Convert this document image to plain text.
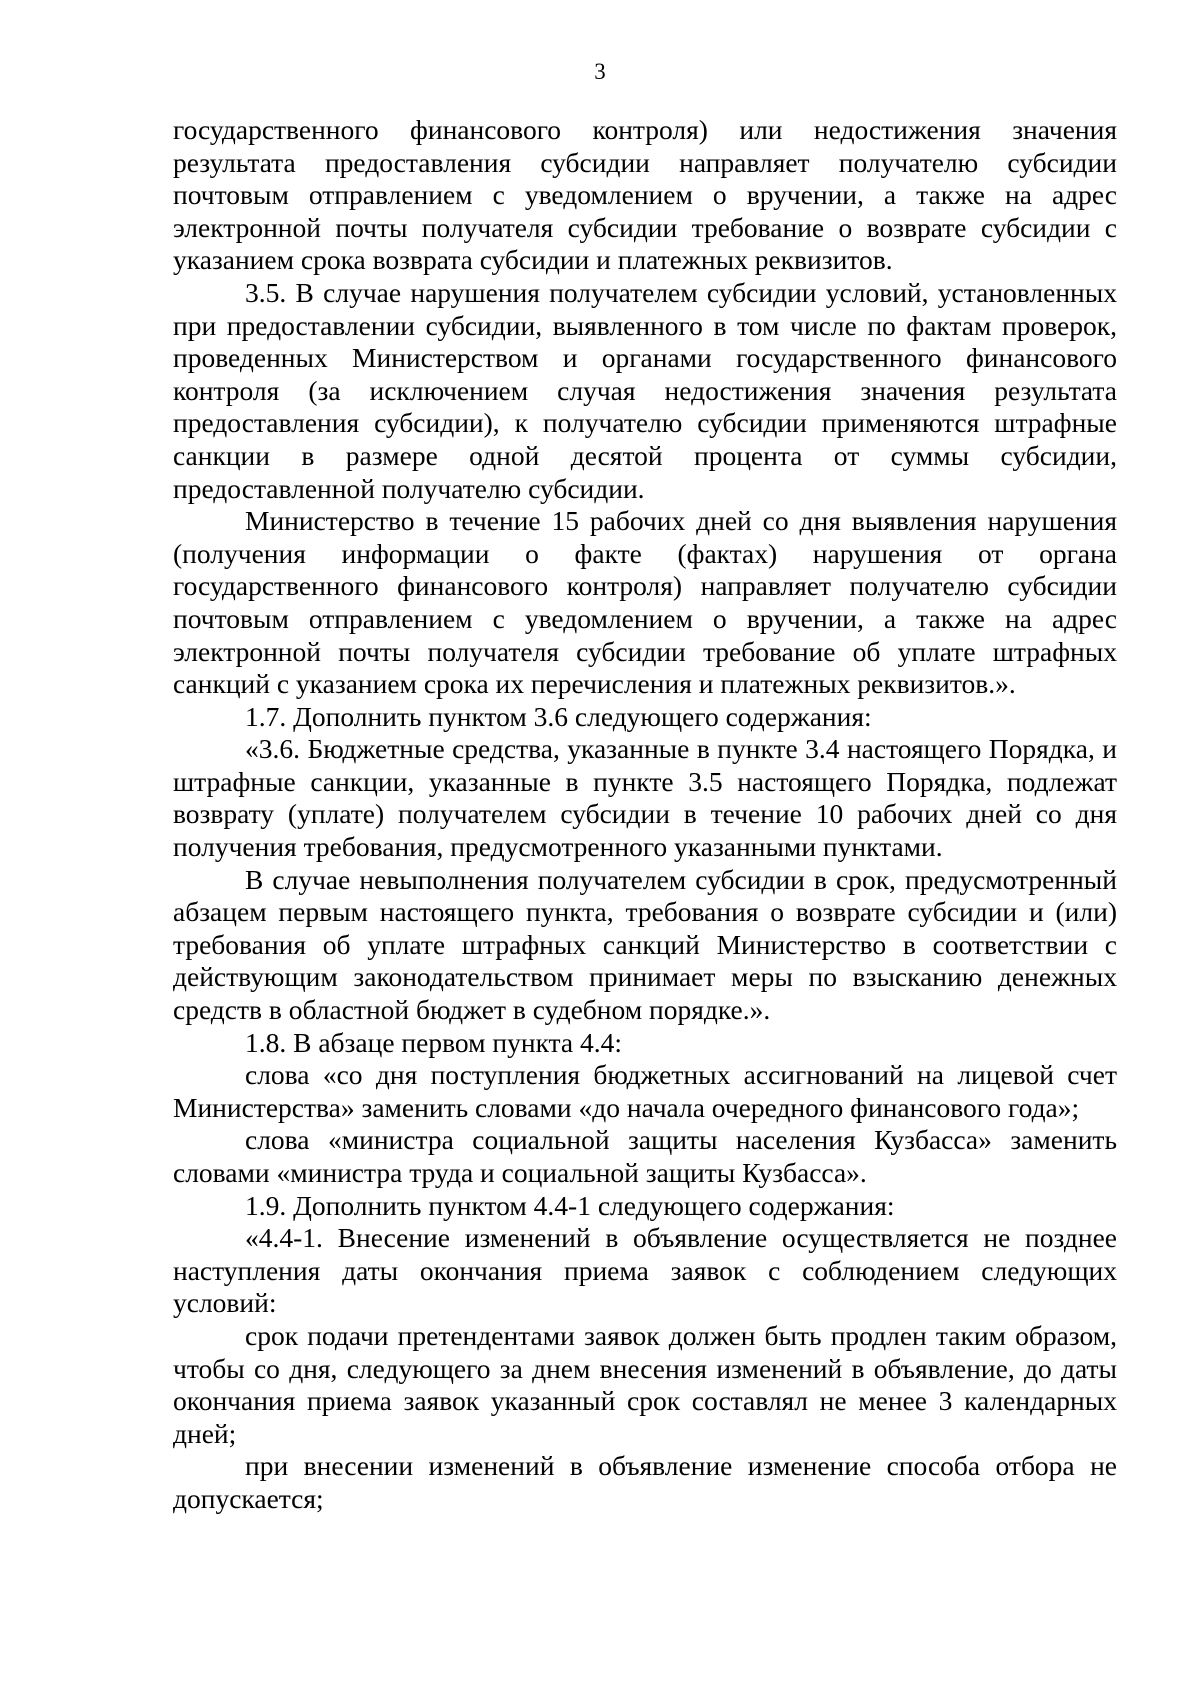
3

государственного финансового контроля) или недостижения значения результата предоставления субсидии направляет получателю субсидии почтовым отправлением с уведомлением о вручении, а также на адрес электронной почты получателя субсидии требование о возврате субсидии с указанием срока возврата субсидии и платежных реквизитов.

3.5. В случае нарушения получателем субсидии условий, установленных при предоставлении субсидии, выявленного в том числе по фактам проверок, проведенных Министерством и органами государственного финансового контроля (за исключением случая недостижения значения результата предоставления субсидии), к получателю субсидии применяются штрафные санкции в размере одной десятой процента от суммы субсидии, предоставленной получателю субсидии.

Министерство в течение 15 рабочих дней со дня выявления нарушения (получения информации о факте (фактах) нарушения от органа государственного финансового контроля) направляет получателю субсидии почтовым отправлением с уведомлением о вручении, а также на адрес электронной почты получателя субсидии требование об уплате штрафных санкций с указанием срока их перечисления и платежных реквизитов.».

1.7. Дополнить пунктом 3.6 следующего содержания:

«3.6. Бюджетные средства, указанные в пункте 3.4 настоящего Порядка, и штрафные санкции, указанные в пункте 3.5 настоящего Порядка, подлежат возврату (уплате) получателем субсидии в течение 10 рабочих дней со дня получения требования, предусмотренного указанными пунктами.

В случае невыполнения получателем субсидии в срок, предусмотренный абзацем первым настоящего пункта, требования о возврате субсидии и (или) требования об уплате штрафных санкций Министерство в соответствии с действующим законодательством принимает меры по взысканию денежных средств в областной бюджет в судебном порядке.».

1.8. В абзаце первом пункта 4.4:

слова «со дня поступления бюджетных ассигнований на лицевой счет Министерства» заменить словами «до начала очередного финансового года»;

слова «министра социальной защиты населения Кузбасса» заменить словами «министра труда и социальной защиты Кузбасса».

1.9. Дополнить пунктом 4.4-1 следующего содержания:

«4.4-1. Внесение изменений в объявление осуществляется не позднее наступления даты окончания приема заявок с соблюдением следующих условий:

срок подачи претендентами заявок должен быть продлен таким образом, чтобы со дня, следующего за днем внесения изменений в объявление, до даты окончания приема заявок указанный срок составлял не менее 3 календарных дней;

при внесении изменений в объявление изменение способа отбора не допускается;
